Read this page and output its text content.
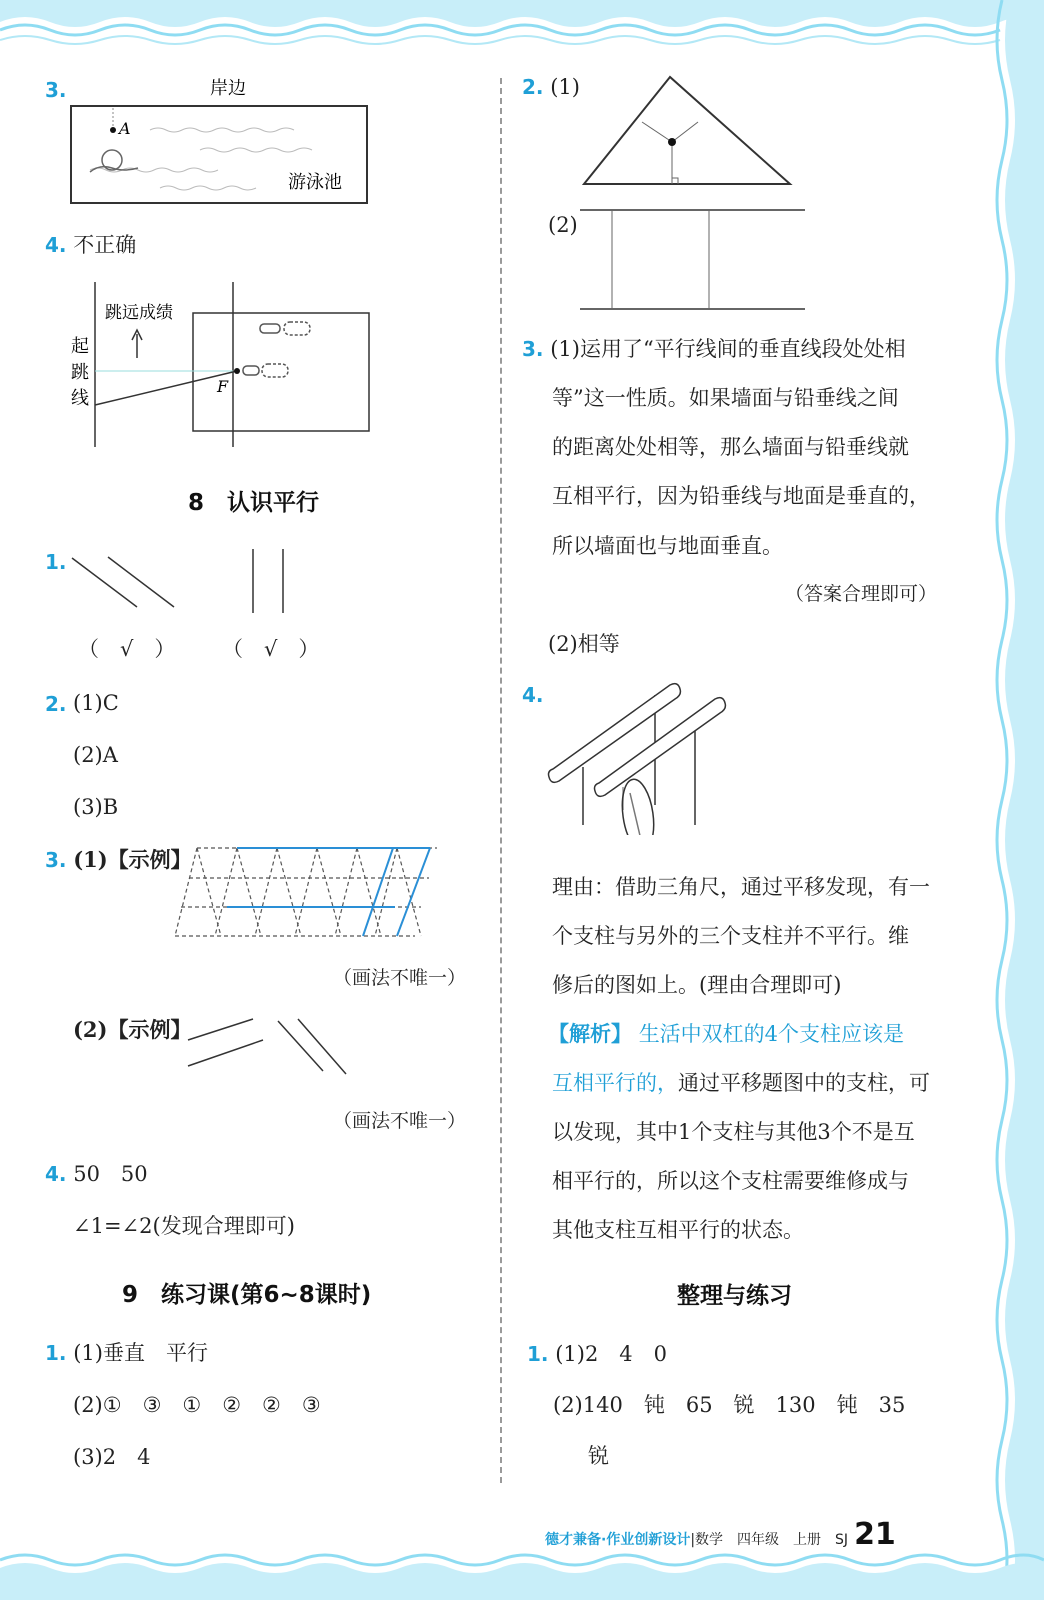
3.	岸边
A
游泳池
4. 不正确
跳远成绩
起
跳
线
F
8　认识平行
1.
（　√　） （　√　）
2. (1)C
(2)A
(3)B
3. (1)【示例】
（画法不唯一）
(2)【示例】
（画法不唯一）
4. 50　50
∠1=∠2(发现合理即可)
9　练习课(第6~8课时)
1. (1)垂直　平行
(2)①　③　①　②　②　③
(3)2　4
2. (1)
(2)
3. (1)运用了“平行线间的垂直线段处处相
等”这一性质。如果墙面与铅垂线之间
的距离处处相等，那么墙面与铅垂线就
互相平行，因为铅垂线与地面是垂直的，
所以墙面也与地面垂直。
（答案合理即可）
(2)相等
4.
理由：借助三角尺，通过平移发现，有一
个支柱与另外的三个支柱并不平行。维
修后的图如上。(理由合理即可)
【解析】 生活中双杠的4个支柱应该是
互相平行的，通过平移题图中的支柱，可
以发现，其中1个支柱与其他3个不是互
相平行的，所以这个支柱需要维修成与
其他支柱互相平行的状态。
整理与练习
1. (1)2　4　0
(2)140　钝　65　锐　130　钝　35
锐
德才兼备·作业创新设计|数学　四年级　上册　SJ 21
